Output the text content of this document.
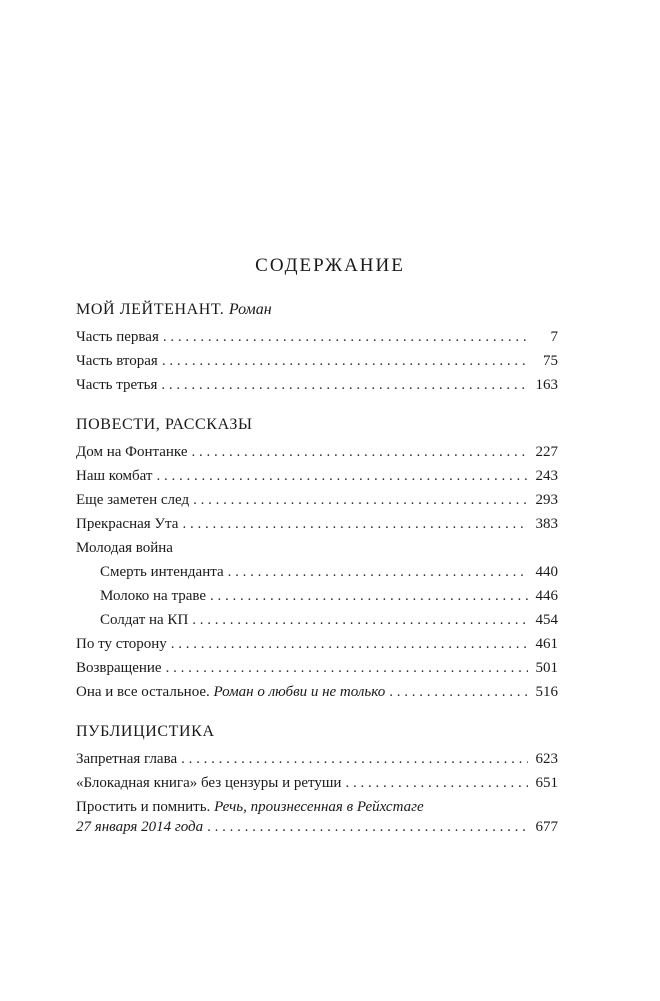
СОДЕРЖАНИЕ
МОЙ ЛЕЙТЕНАНТ. Роман
Часть первая . . .	7
Часть вторая . . .	75
Часть третья . . .	163
ПОВЕСТИ, РАССКАЗЫ
Дом на Фонтанке . . .	227
Наш комбат . . .	243
Еще заметен след . . .	293
Прекрасная Ута . . .	383
Молодая война
Смерть интенданта . . .	440
Молоко на траве . . .	446
Солдат на КП . . .	454
По ту сторону . . .	461
Возвращение . . .	501
Она и все остальное. Роман о любви и не только . . .	516
ПУБЛИЦИСТИКА
Запретная глава . . .	623
«Блокадная книга» без цензуры и ретуши . . .	651
Простить и помнить. Речь, произнесенная в Рейхстаге
27 января 2014 года . . .	677
